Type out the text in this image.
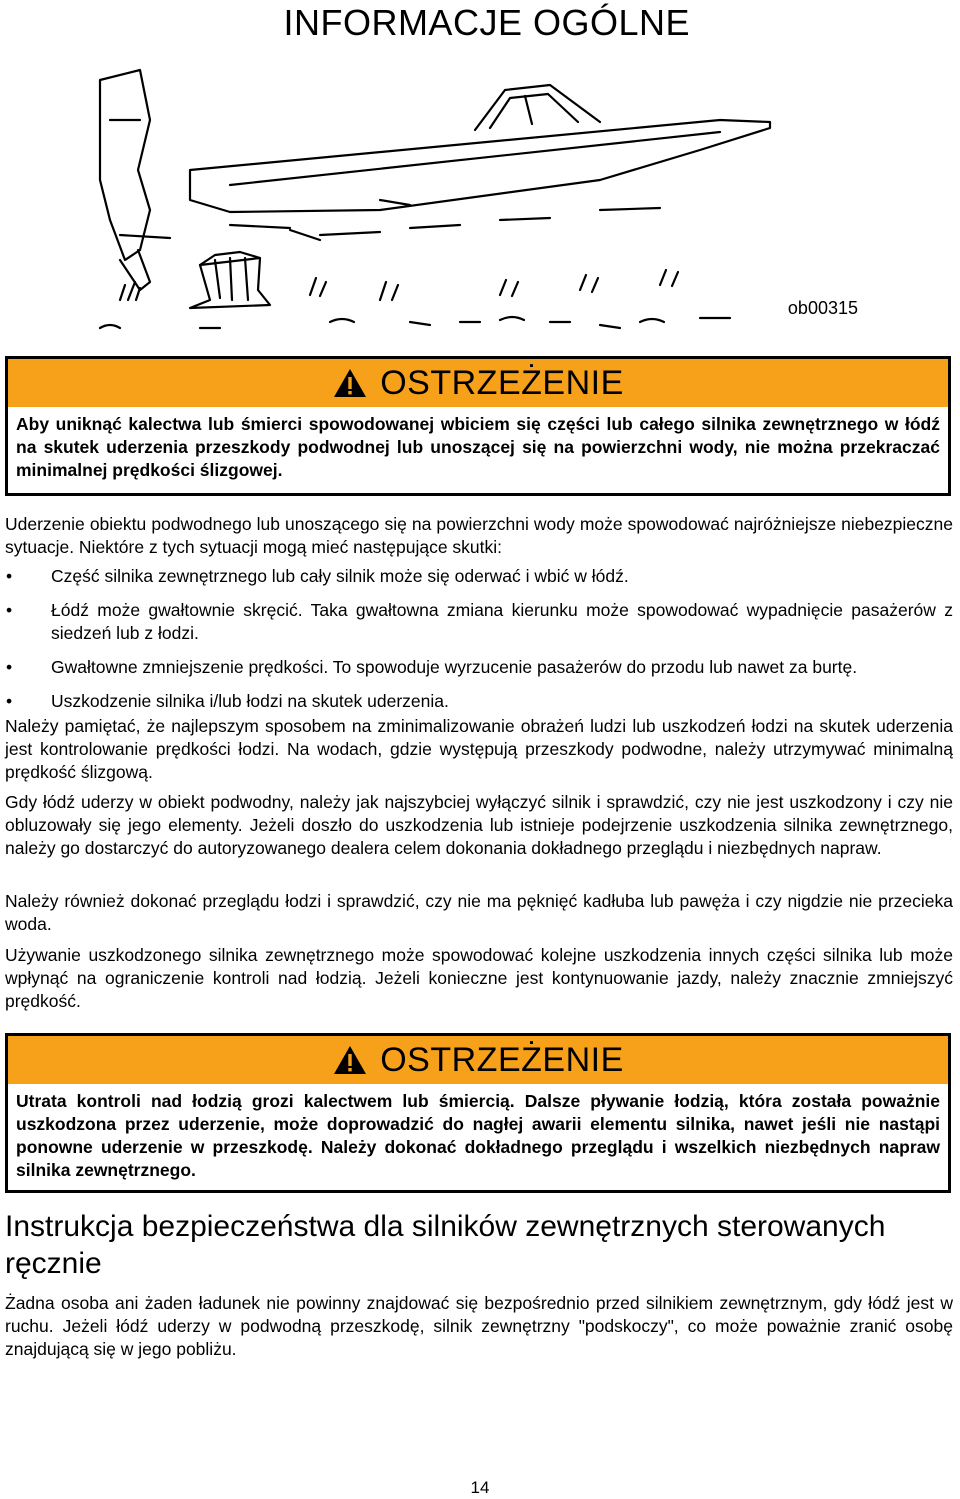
INFORMACJE OGÓLNE
ob00315
OSTRZEŻENIE
Aby uniknąć kalectwa lub śmierci spowodowanej wbiciem się części lub całego silnika zewnętrznego w łódź na skutek uderzenia przeszkody podwodnej lub unoszącej się na powierzchni wody, nie można przekraczać minimalnej prędkości ślizgowej.
Uderzenie obiektu podwodnego lub unoszącego się na powierzchni wody może spowodować najróżniejsze niebezpieczne sytuacje. Niektóre z tych sytuacji mogą mieć następujące skutki:
• Część silnika zewnętrznego lub cały silnik może się oderwać i wbić w łódź.
• Łódź może gwałtownie skręcić. Taka gwałtowna zmiana kierunku może spowodować wypadnięcie pasażerów z siedzeń lub z łodzi.
• Gwałtowne zmniejszenie prędkości. To spowoduje wyrzucenie pasażerów do przodu lub nawet za burtę.
• Uszkodzenie silnika i/lub łodzi na skutek uderzenia.
Należy pamiętać, że najlepszym sposobem na zminimalizowanie obrażeń ludzi lub uszkodzeń łodzi na skutek uderzenia jest kontrolowanie prędkości łodzi. Na wodach, gdzie występują przeszkody podwodne, należy utrzymywać minimalną prędkość ślizgową.
Gdy łódź uderzy w obiekt podwodny, należy jak najszybciej wyłączyć silnik i sprawdzić, czy nie jest uszkodzony i czy nie obluzowały się jego elementy. Jeżeli doszło do uszkodzenia lub istnieje podejrzenie uszkodzenia silnika zewnętrznego, należy go dostarczyć do autoryzowanego dealera celem dokonania dokładnego przeglądu i niezbędnych napraw.
Należy również dokonać przeglądu łodzi i sprawdzić, czy nie ma pęknięć kadłuba lub pawęża i czy nigdzie nie przecieka woda.
Używanie uszkodzonego silnika zewnętrznego może spowodować kolejne uszkodzenia innych części silnika lub może wpłynąć na ograniczenie kontroli nad łodzią. Jeżeli konieczne jest kontynuowanie jazdy, należy znacznie zmniejszyć prędkość.
OSTRZEŻENIE
Utrata kontroli nad łodzią grozi kalectwem lub śmiercią. Dalsze pływanie łodzią, która została poważnie uszkodzona przez uderzenie, może doprowadzić do nagłej awarii elementu silnika, nawet jeśli nie nastąpi ponowne uderzenie w przeszkodę. Należy dokonać dokładnego przeglądu i wszelkich niezbędnych napraw silnika zewnętrznego.
Instrukcja bezpieczeństwa dla silników zewnętrznych sterowanych ręcznie
Żadna osoba ani żaden ładunek nie powinny znajdować się bezpośrednio przed silnikiem zewnętrznym, gdy łódź jest w ruchu. Jeżeli łódź uderzy w podwodną przeszkodę, silnik zewnętrzny "podskoczy", co może poważnie zranić osobę znajdującą się w jego pobliżu.
14
